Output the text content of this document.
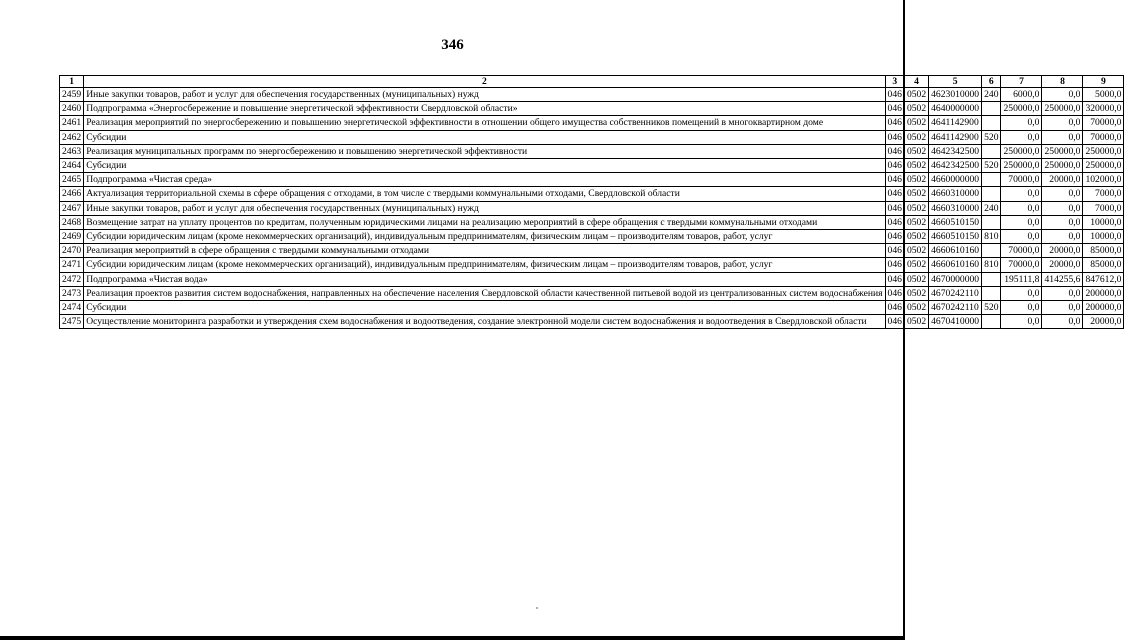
346
1	2	3	4	5	6	7	8	9
2459	Иные закупки товаров, работ и услуг для обеспечения государственных (муниципальных) нужд	046	0502	4623010000	240	6000,0	0,0	5000,0
2460	Подпрограмма «Энергосбережение и повышение энергетической эффективности Свердловской области»	046	0502	4640000000		250000,0	250000,0	320000,0
2461	Реализация мероприятий по энергосбережению и повышению энергетической эффективности в отношении общего имущества собственников помещений в многоквартирном доме	046	0502	4641142900		0,0	0,0	70000,0
2462	Субсидии	046	0502	4641142900	520	0,0	0,0	70000,0
2463	Реализация муниципальных программ по энергосбережению и повышению энергетической эффективности	046	0502	4642342500		250000,0	250000,0	250000,0
2464	Субсидии	046	0502	4642342500	520	250000,0	250000,0	250000,0
2465	Подпрограмма «Чистая среда»	046	0502	4660000000		70000,0	20000,0	102000,0
2466	Актуализация территориальной схемы в сфере обращения с отходами, в том числе с твердыми коммунальными отходами, Свердловской области	046	0502	4660310000		0,0	0,0	7000,0
2467	Иные закупки товаров, работ и услуг для обеспечения государственных (муниципальных) нужд	046	0502	4660310000	240	0,0	0,0	7000,0
2468	Возмещение затрат на уплату процентов по кредитам, полученным юридическими лицами на реализацию мероприятий в сфере обращения с твердыми коммунальными отходами	046	0502	4660510150		0,0	0,0	10000,0
2469	Субсидии юридическим лицам (кроме некоммерческих организаций), индивидуальным предпринимателям, физическим лицам – производителям товаров, работ, услуг	046	0502	4660510150	810	0,0	0,0	10000,0
2470	Реализация мероприятий в сфере обращения с твердыми коммунальными отходами	046	0502	4660610160		70000,0	20000,0	85000,0
2471	Субсидии юридическим лицам (кроме некоммерческих организаций), индивидуальным предпринимателям, физическим лицам – производителям товаров, работ, услуг	046	0502	4660610160	810	70000,0	20000,0	85000,0
2472	Подпрограмма «Чистая вода»	046	0502	4670000000		195111,8	414255,6	847612,0
2473	Реализация проектов развития систем водоснабжения, направленных на обеспечение населения Свердловской области качественной питьевой водой из централизованных систем водоснабжения	046	0502	4670242110		0,0	0,0	200000,0
2474	Субсидии	046	0502	4670242110	520	0,0	0,0	200000,0
2475	Осуществление мониторинга разработки и утверждения схем водоснабжения и водоотведения, создание электронной модели систем водоснабжения и водоотведения в Свердловской области	046	0502	4670410000		0,0	0,0	20000,0
